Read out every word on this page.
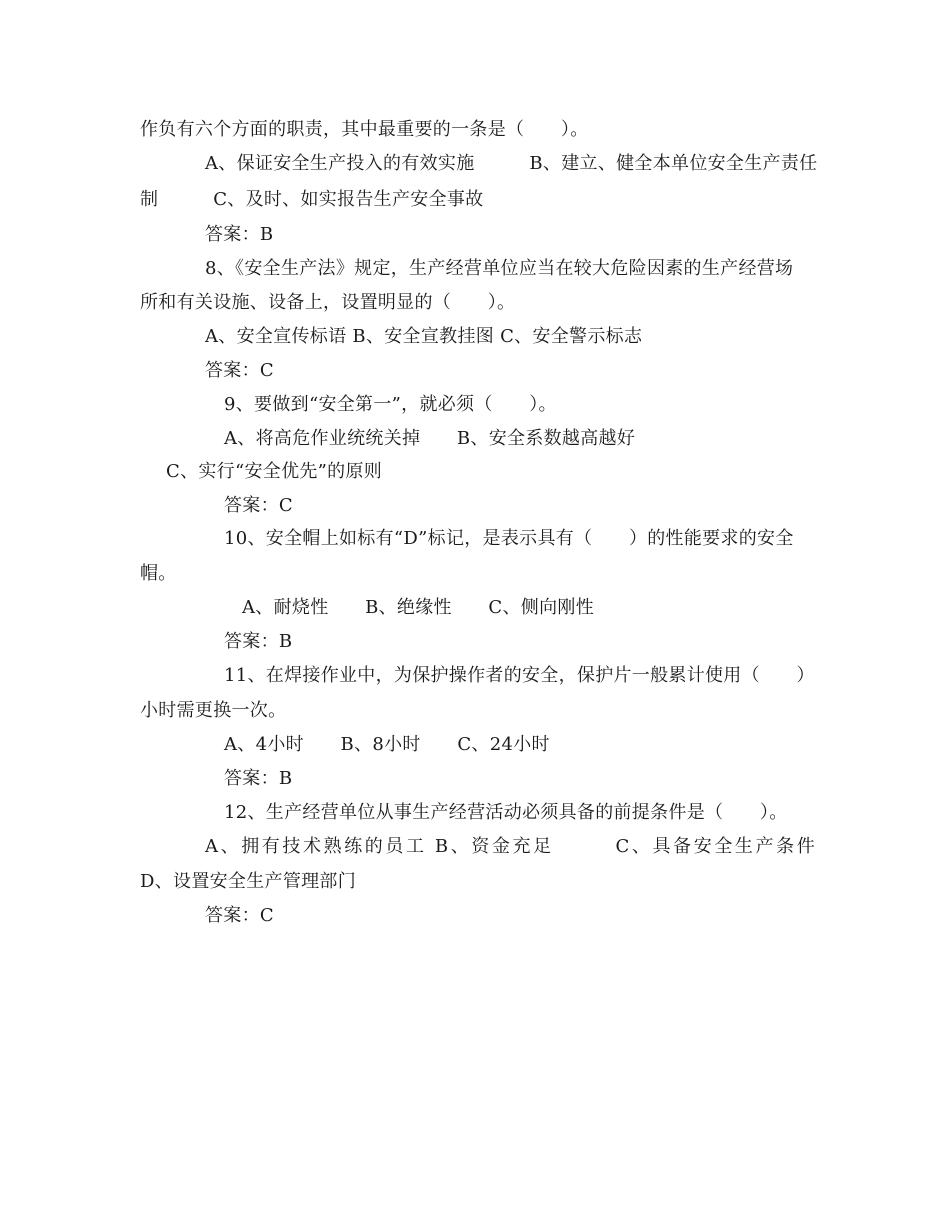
作负有六个方面的职责，其中最重要的一条是（　　）。
A、保证安全生产投入的有效实施　　　B、建立、健全本单位安全生产责任
制　　　C、及时、如实报告生产安全事故
答案：B
8、《安全生产法》规定，生产经营单位应当在较大危险因素的生产经营场
所和有关设施、设备上，设置明显的（　　）。
A、安全宣传标语 B、安全宣教挂图 C、安全警示标志
答案：C
9、要做到“安全第一”，就必须（　　）。
A、将高危作业统统关掉　　B、安全系数越高越好
C、实行“安全优先”的原则
答案：C
10、安全帽上如标有“D”标记，是表示具有（　　）的性能要求的安全
帽。
A、耐烧性　　B、绝缘性　　C、侧向刚性
答案：B
11、在焊接作业中，为保护操作者的安全，保护片一般累计使用（　　）
小时需更换一次。
A、4小时　　B、8小时　　C、24小时
答案：B
12、生产经营单位从事生产经营活动必须具备的前提条件是（　　）。
A、拥有技术熟练的员工 B、资金充足　　　C、具备安全生产条件
D、设置安全生产管理部门
答案：C
